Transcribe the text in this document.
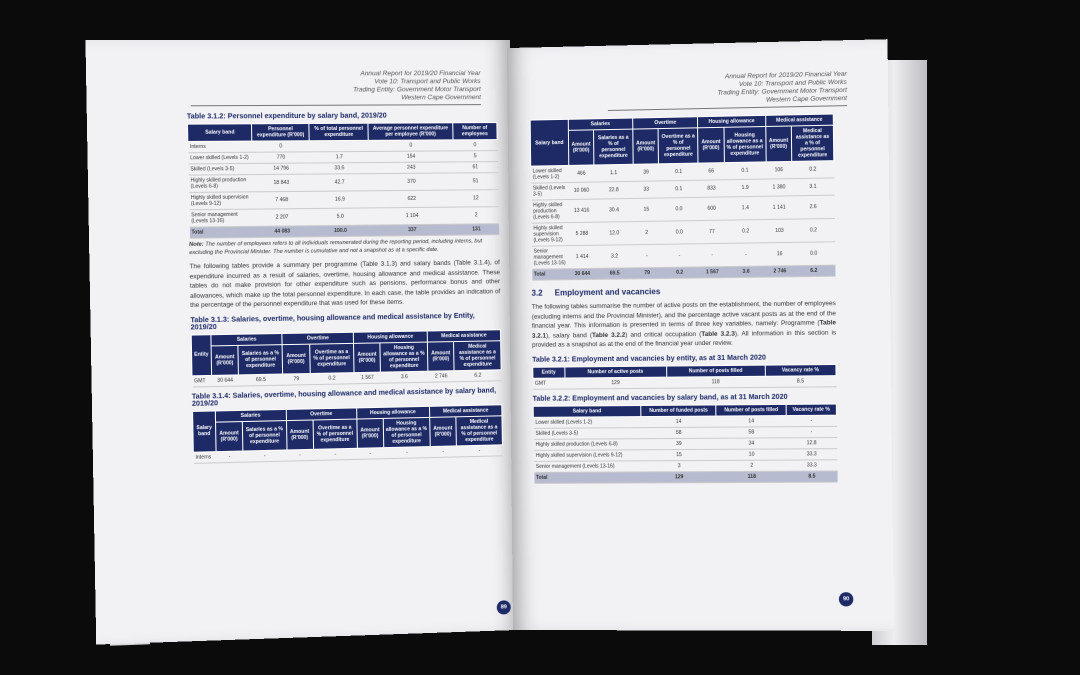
Annual Report for 2019/20 Financial Year
Vote 10: Transport and Public Works
Trading Entity: Government Motor Transport
Western Cape Government
Table 3.1.2: Personnel expenditure by salary band, 2019/20
Salary band	Personnel expenditure (R'000)	% of total personnel expenditure	Average personnel expenditure per employee (R'000)	Number of employees
Interns	0		0	0
Lower skilled (Levels 1-2)	770	1.7	154	5
Skilled (Levels 3-5)	14 796	33.6	243	61
Highly skilled production (Levels 6-8)	18 843	42.7	370	51
Highly skilled supervision (Levels 9-12)	7 468	16.9	622	12
Senior management (Levels 13-16)	2 207	5.0	1 104	2
Total	44 083	100.0	337	131
Note: The number of employees refers to all individuals remunerated during the reporting period, including interns, but excluding the Provincial Minister. The number is cumulative and not a snapshot as at a specific date.
The following tables provide a summary per programme (Table 3.1.3) and salary bands (Table 3.1.4), of expenditure incurred as a result of salaries, overtime, housing allowance and medical assistance. These tables do not make provision for other expenditure such as pensions, performance bonus and other allowances, which make up the total personnel expenditure. In each case, the table provides an indication of the percentage of the personnel expenditure that was used for these items.
Table 3.1.3: Salaries, overtime, housing allowance and medical assistance by Entity, 2019/20
Entity	Salaries		Overtime		Housing allowance		Medical assistance	
	Amount (R'000)	Salaries as a % of personnel expenditure	Amount (R'000)	Overtime as a % of personnel expenditure	Amount (R'000)	Housing allowance as a % of personnel expenditure	Amount (R'000)	Medical assistance as a % of personnel expenditure
GMT	30 644	69.5	79	0.2	1 567	3.6	2 746	6.2
Table 3.1.4: Salaries, overtime, housing allowance and medical assistance by salary band, 2019/20
Salary band	Salaries		Overtime		Housing allowance		Medical assistance	
	Amount (R'000)	Salaries as a % of personnel expenditure	Amount (R'000)	Overtime as a % of personnel expenditure	Amount (R'000)	Housing allowance as a % of personnel expenditure	Amount (R'000)	Medical assistance as a % of personnel expenditure
Interns	-	-	-	-	-	-	-	-
89
Annual Report for 2019/20 Financial Year
Vote 10: Transport and Public Works
Trading Entity: Government Motor Transport
Western Cape Government
Salary band	Salaries		Overtime		Housing allowance		Medical assistance	
	Amount (R'000)	Salaries as a % of personnel expenditure	Amount (R'000)	Overtime as a % of personnel expenditure	Amount (R'000)	Housing allowance as a % of personnel expenditure	Amount (R'000)	Medical assistance as a % of personnel expenditure
Lower skilled (Levels 1-2)	466	1.1	39	0.1	66	0.1	106	0.2
Skilled (Levels 3-5)	10 060	22.8	33	0.1	833	1.9	1 380	3.1
Highly skilled production (Levels 6-8)	13 416	30.4	15	0.0	600	1.4	1 141	2.6
Highly skilled supervision (Levels 9-12)	5 288	12.0	2	0.0	77	0.2	103	0.2
Senior management (Levels 13-16)	1 414	3.2	-	-	-	-	16	0.0
Total	30 644	69.5	79	0.2	1 567	3.6	2 746	6.2
3.2 Employment and vacancies
The following tables summarise the number of active posts on the establishment, the number of employees (excluding interns and the Provincial Minister), and the percentage active vacant posts as at the end of the financial year. This information is presented in terms of three key variables, namely: Programme (Table 3.2.1), salary band (Table 3.2.2) and critical occupation (Table 3.2.3). All information in this section is provided as a snapshot as at the end of the financial year under review.
Table 3.2.1: Employment and vacancies by entity, as at 31 March 2020
Entity	Number of active posts	Number of posts filled	Vacancy rate %
GMT	129	118	8.5
Table 3.2.2: Employment and vacancies by salary band, as at 31 March 2020
Salary band	Number of funded posts	Number of posts filled	Vacancy rate %
Lower skilled (Levels 1-2)	14	14	-
Skilled (Levels 3-5)	58	58	-
Highly skilled production (Levels 6-8)	39	34	12.8
Highly skilled supervision (Levels 9-12)	15	10	33.3
Senior management (Levels 13-16)	3	2	33.3
Total	129	118	8.5
90
